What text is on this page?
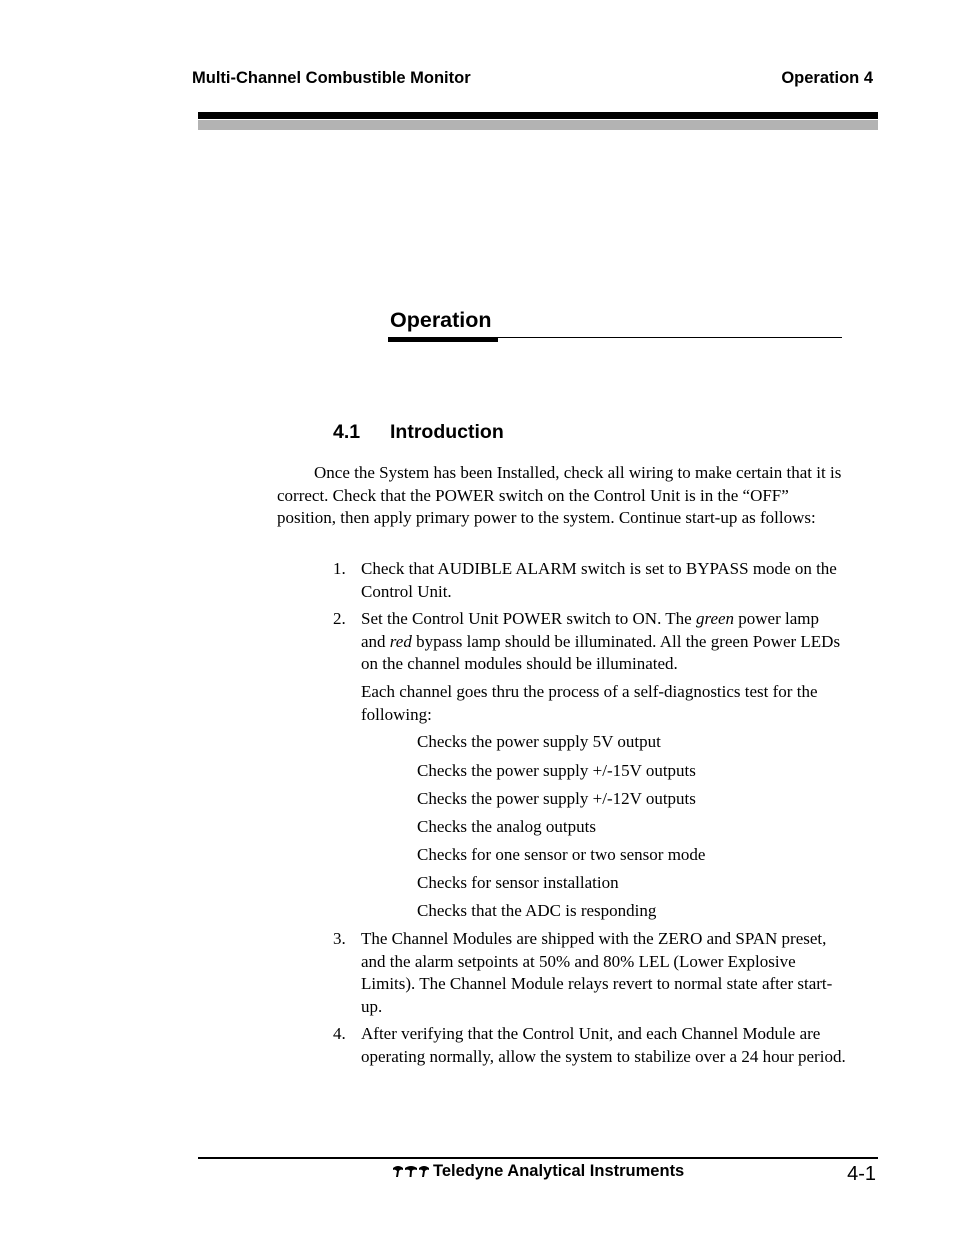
Multi-Channel Combustible Monitor	Operation 4
Operation
4.1 Introduction
Once the System has been Installed, check all wiring to make certain that it is correct. Check that the POWER switch on the Control Unit is in the “OFF” position, then apply primary power to the system. Continue start-up as follows:
1. Check that AUDIBLE ALARM switch is set to BYPASS mode on the Control Unit.
2. Set the Control Unit POWER switch to ON. The green power lamp and red bypass lamp should be illuminated. All the green Power LEDs on the channel modules should be illuminated.
Each channel goes thru the process of a self-diagnostics test for the following:
Checks the power supply 5V output
Checks the power supply +/-15V outputs
Checks the power supply +/-12V outputs
Checks the analog outputs
Checks for one sensor or two sensor mode
Checks for sensor installation
Checks that the ADC is responding
3. The Channel Modules are shipped with the ZERO and SPAN preset, and the alarm setpoints at 50% and 80% LEL (Lower Explosive Limits). The Channel Module relays revert to normal state after start-up.
4. After verifying that the Control Unit, and each Channel Module are operating normally, allow the system to stabilize over a 24 hour period.
Teledyne Analytical Instruments	4-1
